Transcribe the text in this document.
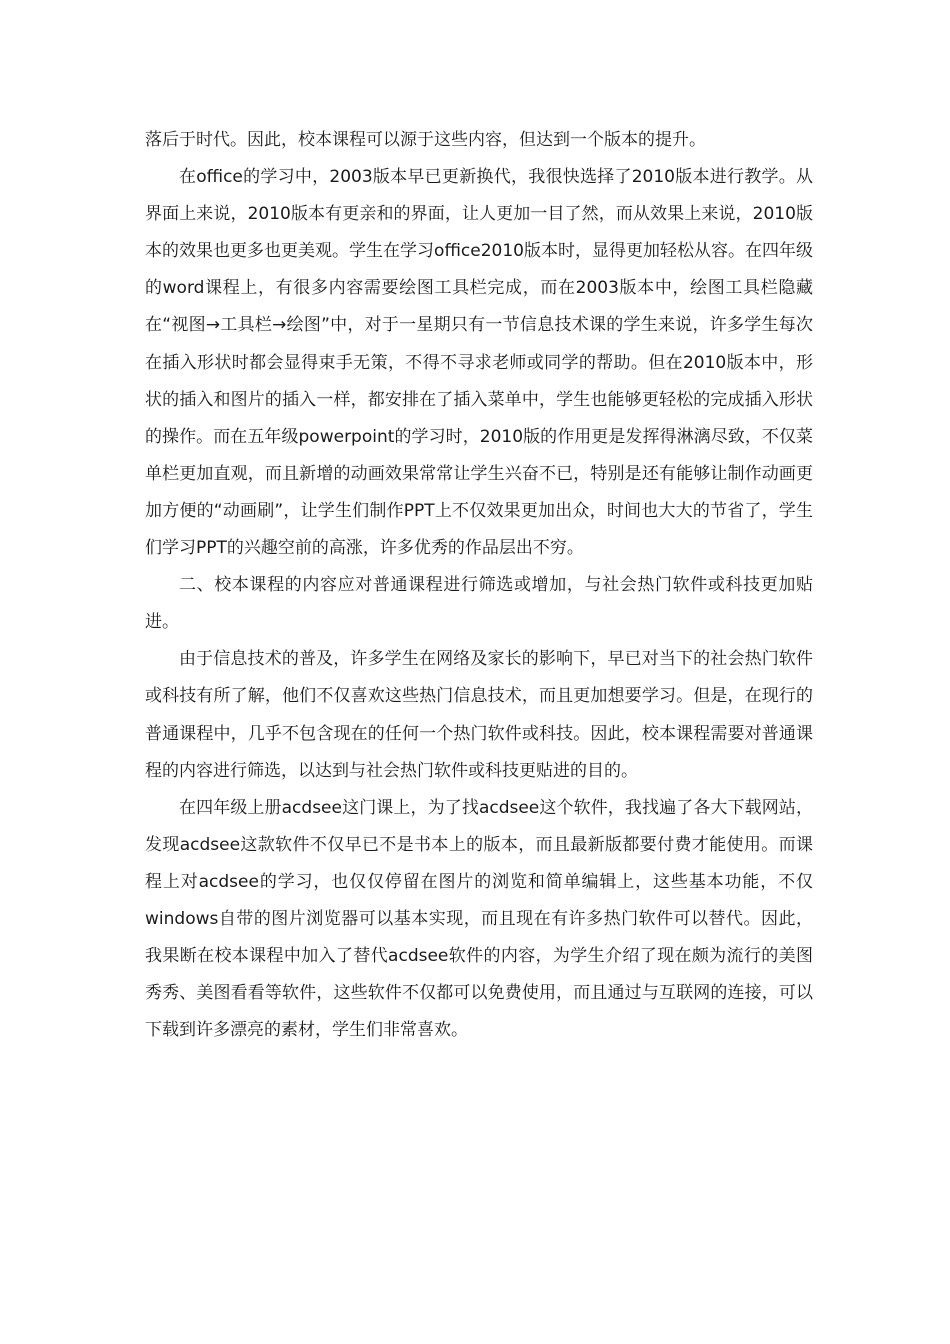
落后于时代。因此，校本课程可以源于这些内容，但达到一个版本的提升。

在office的学习中，2003版本早已更新换代，我很快选择了2010版本进行教学。从界面上来说，2010版本有更亲和的界面，让人更加一目了然，而从效果上来说，2010版本的效果也更多也更美观。学生在学习office2010版本时，显得更加轻松从容。在四年级的word课程上，有很多内容需要绘图工具栏完成，而在2003版本中，绘图工具栏隐藏在“视图→工具栏→绘图”中，对于一星期只有一节信息技术课的学生来说，许多学生每次在插入形状时都会显得束手无策，不得不寻求老师或同学的帮助。但在2010版本中，形状的插入和图片的插入一样，都安排在了插入菜单中，学生也能够更轻松的完成插入形状的操作。而在五年级powerpoint的学习时，2010版的作用更是发挥得淋漓尽致，不仅菜单栏更加直观，而且新增的动画效果常常让学生兴奋不已，特别是还有能够让制作动画更加方便的“动画刷”，让学生们制作PPT上不仅效果更加出众，时间也大大的节省了，学生们学习PPT的兴趣空前的高涨，许多优秀的作品层出不穷。

二、校本课程的内容应对普通课程进行筛选或增加，与社会热门软件或科技更加贴进。

由于信息技术的普及，许多学生在网络及家长的影响下，早已对当下的社会热门软件或科技有所了解，他们不仅喜欢这些热门信息技术，而且更加想要学习。但是，在现行的普通课程中，几乎不包含现在的任何一个热门软件或科技。因此，校本课程需要对普通课程的内容进行筛选，以达到与社会热门软件或科技更贴进的目的。

在四年级上册acdsee这门课上，为了找acdsee这个软件，我找遍了各大下载网站，发现acdsee这款软件不仅早已不是书本上的版本，而且最新版都要付费才能使用。而课程上对acdsee的学习，也仅仅停留在图片的浏览和简单编辑上，这些基本功能，不仅windows自带的图片浏览器可以基本实现，而且现在有许多热门软件可以替代。因此，我果断在校本课程中加入了替代acdsee软件的内容，为学生介绍了现在颇为流行的美图秀秀、美图看看等软件，这些软件不仅都可以免费使用，而且通过与互联网的连接，可以下载到许多漂亮的素材，学生们非常喜欢。
